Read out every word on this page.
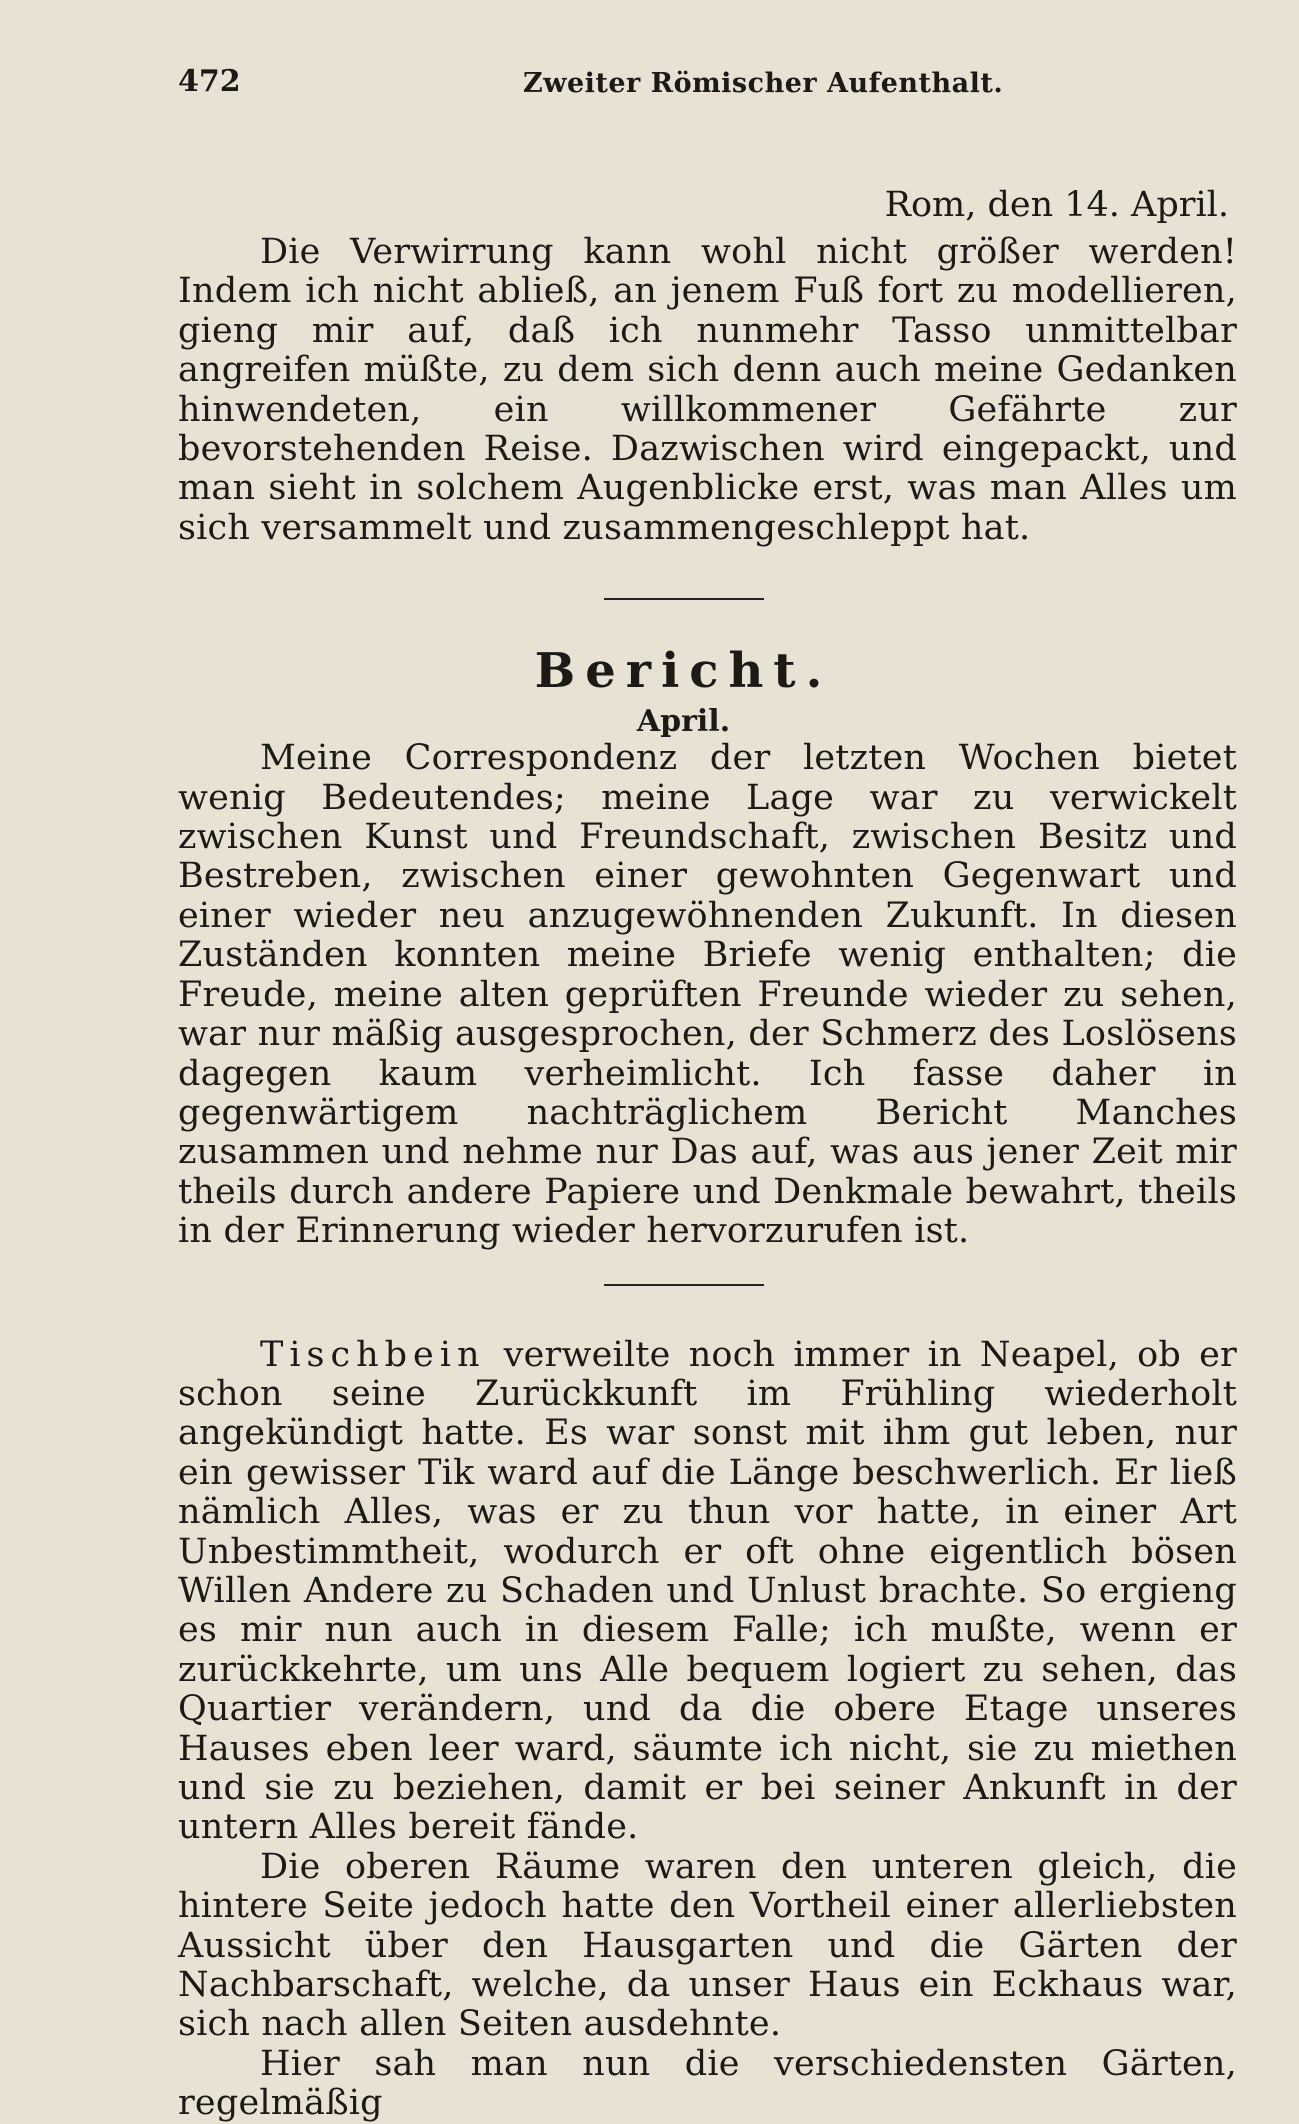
472	Zweiter Römischer Aufenthalt.
Rom, den 14. April.

Die Verwirrung kann wohl nicht größer werden! Indem ich nicht abließ, an jenem Fuß fort zu modellieren, gieng mir auf, daß ich nunmehr Tasso unmittelbar angreifen müßte, zu dem sich denn auch meine Gedanken hinwendeten, ein willkommener Gefährte zur bevorstehenden Reise. Dazwischen wird eingepackt, und man sieht in solchem Augenblicke erst, was man Alles um sich versammelt und zusammengeschleppt hat.

Bericht.
April.

Meine Correspondenz der letzten Wochen bietet wenig Bedeutendes; meine Lage war zu verwickelt zwischen Kunst und Freundschaft, zwischen Besitz und Bestreben, zwischen einer gewohnten Gegenwart und einer wieder neu anzugewöhnenden Zukunft. In diesen Zuständen konnten meine Briefe wenig enthalten; die Freude, meine alten geprüften Freunde wieder zu sehen, war nur mäßig ausgesprochen, der Schmerz des Loslösens dagegen kaum verheimlicht. Ich fasse daher in gegenwärtigem nachträglichem Bericht Manches zusammen und nehme nur Das auf, was aus jener Zeit mir theils durch andere Papiere und Denkmale bewahrt, theils in der Erinnerung wieder hervorzurufen ist.

Tischbein verweilte noch immer in Neapel, ob er schon seine Zurückkunft im Frühling wiederholt angekündigt hatte. Es war sonst mit ihm gut leben, nur ein gewisser Tik ward auf die Länge beschwerlich. Er ließ nämlich Alles, was er zu thun vor hatte, in einer Art Unbestimmtheit, wodurch er oft ohne eigentlich bösen Willen Andere zu Schaden und Unlust brachte. So ergieng es mir nun auch in diesem Falle; ich mußte, wenn er zurückkehrte, um uns Alle bequem logiert zu sehen, das Quartier verändern, und da die obere Etage unseres Hauses eben leer ward, säumte ich nicht, sie zu miethen und sie zu beziehen, damit er bei seiner Ankunft in der untern Alles bereit fände.

Die oberen Räume waren den unteren gleich, die hintere Seite jedoch hatte den Vortheil einer allerliebsten Aussicht über den Hausgarten und die Gärten der Nachbarschaft, welche, da unser Haus ein Eckhaus war, sich nach allen Seiten ausdehnte.

Hier sah man nun die verschiedensten Gärten, regelmäßig
